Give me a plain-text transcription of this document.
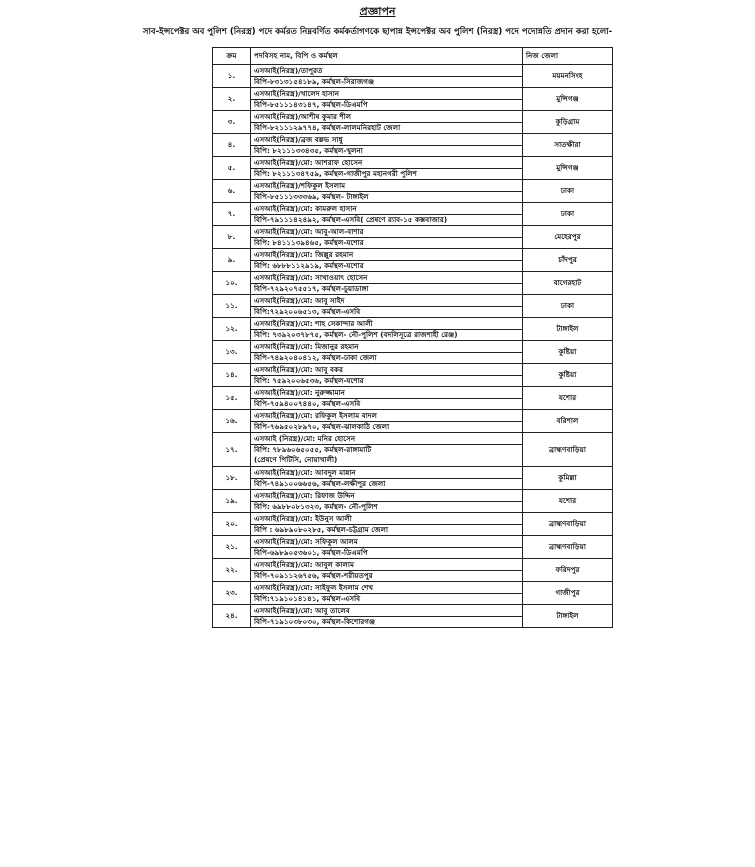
প্রজ্ঞাপন
সাব-ইন্সপেক্টর অব পুলিশ (নিরস্ত্র) পদে কর্মরত নিম্নবর্ণিত কর্মকর্তাগণকে ছাপান্ন ইন্সপেক্টর অব পুলিশ (নিরস্ত্র) পদে পদোন্নতি প্রদান করা হলো-
ক্রম	পদবিসহ নাম, বিপি ও কর্মস্থল	নিজ জেলা
১.	এসআই(নিরস্ত্র)/তাপুরত
বিপি-৮৩১৩১৫৪১৮৯, কর্মস্থল-সিরাজগঞ্জ	ময়মনসিংহ
২.	এসআই(নিরস্ত্র)/খালেদ হাসান
বিপি-৮৫১১১৪৩১৪৭, কর্মস্থল-ডিএমপি	মুন্সিগঞ্জ
৩.	এসআই(নিরস্ত্র)/আশীষ কুমার শীল
বিপি-৮২১১১২৯৭৭৪, কর্মস্থল-লালমনিরহাট জেলা	কুড়িগ্রাম
৪.	এসআই(নিরস্ত্র)/ব্রজ বল্লভ সাধু
বিপি: ৮২১১১৩৩৪৩৫, কর্মস্থল-খুলনা	সাতক্ষীরা
৫.	এসআই(নিরস্ত্র)/মো: আশরাফ হোসেন
বিপি: ৮২১১১৩৪৭৫৯, কর্মস্থল-গাজীপুর মহানগরী পুলিশ	মুন্সিগঞ্জ
৬.	এসআই(নিরস্ত্র)/শফিকুল ইসলাম
বিপি-৮৫১১১৩৩৩৬৯, কর্মস্থল- টাঙ্গাইল	ঢাকা
৭.	এসআই(নিরস্ত্র)/মো: কামরুল হাসান
বিপি-৭৯১১১৪২৪৯২, কর্মস্থল-এসবি( প্রেষণে র‌্যাব-১৫ কক্সবাজার)	ঢাকা
৮.	এসআই(নিরস্ত্র)/মো: আবু-আল-বাশার
বিপি: ৮৪১১১৩৯৪৬৫, কর্মস্থল-যশোর	মেহেরপুর
৯.	এসআই(নিরস্ত্র)/মো: জিল্লুর রহমান
বিপি: ৬৮৮৮১১২৯১৯, কর্মস্থল-যশোর	চাঁদপুর
১০.	এসআই(নিরস্ত্র)/মো: সাখাওয়াৎ হোসেন
বিপি-৭২৯২০৭৫৫১৭, কর্মস্থল-চুয়াডাঙ্গা	বাগেরহাট
১১.	এসআই(নিরস্ত্র)/মো: আবু সাইদ
বিপি:৭২৯২০০৬৫১৩, কর্মস্থল-এসবি	ঢাকা
১২.	এসআই(নিরস্ত্র)/মো: শাহ সেকান্দার আলী
বিপি: ৭৩৯২০৩৭৮৭৫, কর্মস্থল- নৌ-পুলিশ (বদলিসূত্রে রাজশাহী রেঞ্জ)	টাঙ্গাইল
১৩.	এসআই(নিরস্ত্র)/মো: মিজানুর রহমান
বিপি-৭৪৯২০৪০৪১২, কর্মস্থল-ঢাকা জেলা	কুষ্টিয়া
১৪.	এসআই(নিরস্ত্র)/মো: আবু বকর
বিপি: ৭৫৯২০০৬৫৩৬, কর্মস্থল-যশোর	কুষ্টিয়া
১৫.	এসআই(নিরস্ত্র)/মো: নুরুজ্জামান
বিপি-৭৫৯৪০০৭৪৪০, কর্মস্থল-এসবি	যশোর
১৬.	এসআই(নিরস্ত্র)/মো: রফিকুল ইসলাম বাদল
বিপি-৭৬৯৫০২৮৯৭০, কর্মস্থল-ঝালকাঠি জেলা	বরিশাল
১৭.	এসআই (নিরস্ত্র)/মো: মনির হোসেন
বিপি: ৭৮৯৬০৬৫০৫৫, কর্মস্থল-রাঙ্গামাটি
(প্রেষণে পিটিসি, নোয়াখালী)	ব্রাহ্মণবাড়িয়া
১৮.	এসআই(নিরস্ত্র)/মো: আবদুল মান্নান
বিপি-৭৪৯১০০৬৬৫৬, কর্মস্থল-লক্ষীপুর জেলা	কুমিল্লা
১৯.	এসআই(নিরস্ত্র)/মো: রিফাজ উদ্দিন
বিপি: ৬৯৮৮০৮১৩২৩, কর্মস্থল- নৌ-পুলিশ	যশোর
২০.	এসআই(নিরস্ত্র)/মো: ইউনুস আলী
বিপি : ৬৯৮৯০৮০২৮৫, কর্মস্থল-চট্টগ্রাম জেলা	ব্রাহ্মণবাড়িয়া
২১.	এসআই(নিরস্ত্র)/মো: সফিকুল আলম
বিপি-৬৯৮৯০৫৩৬০১, কর্মস্থল-ডিএমপি	ব্রাহ্মণবাড়িয়া
২২.	এসআই(নিরস্ত্র)/মো: আবুল কালাম
বিপি-৭০৯১১২৬৭৫৬, কর্মস্থল-শরীয়তপুর	ফরিদপুর
২৩.	এসআই(নিরস্ত্র)/মো: সাইফুল ইসলাম শেখ
বিপি:৭১৯১০১৪১৪১, কর্মস্থল-এসবি	গাজীপুর
২৪.	এসআই(নিরস্ত্র)/মো: আবু তালেব
বিপি-৭১৯১০৩৮০৩০, কর্মস্থল-কিশোরগঞ্জ	টাঙ্গাইল
